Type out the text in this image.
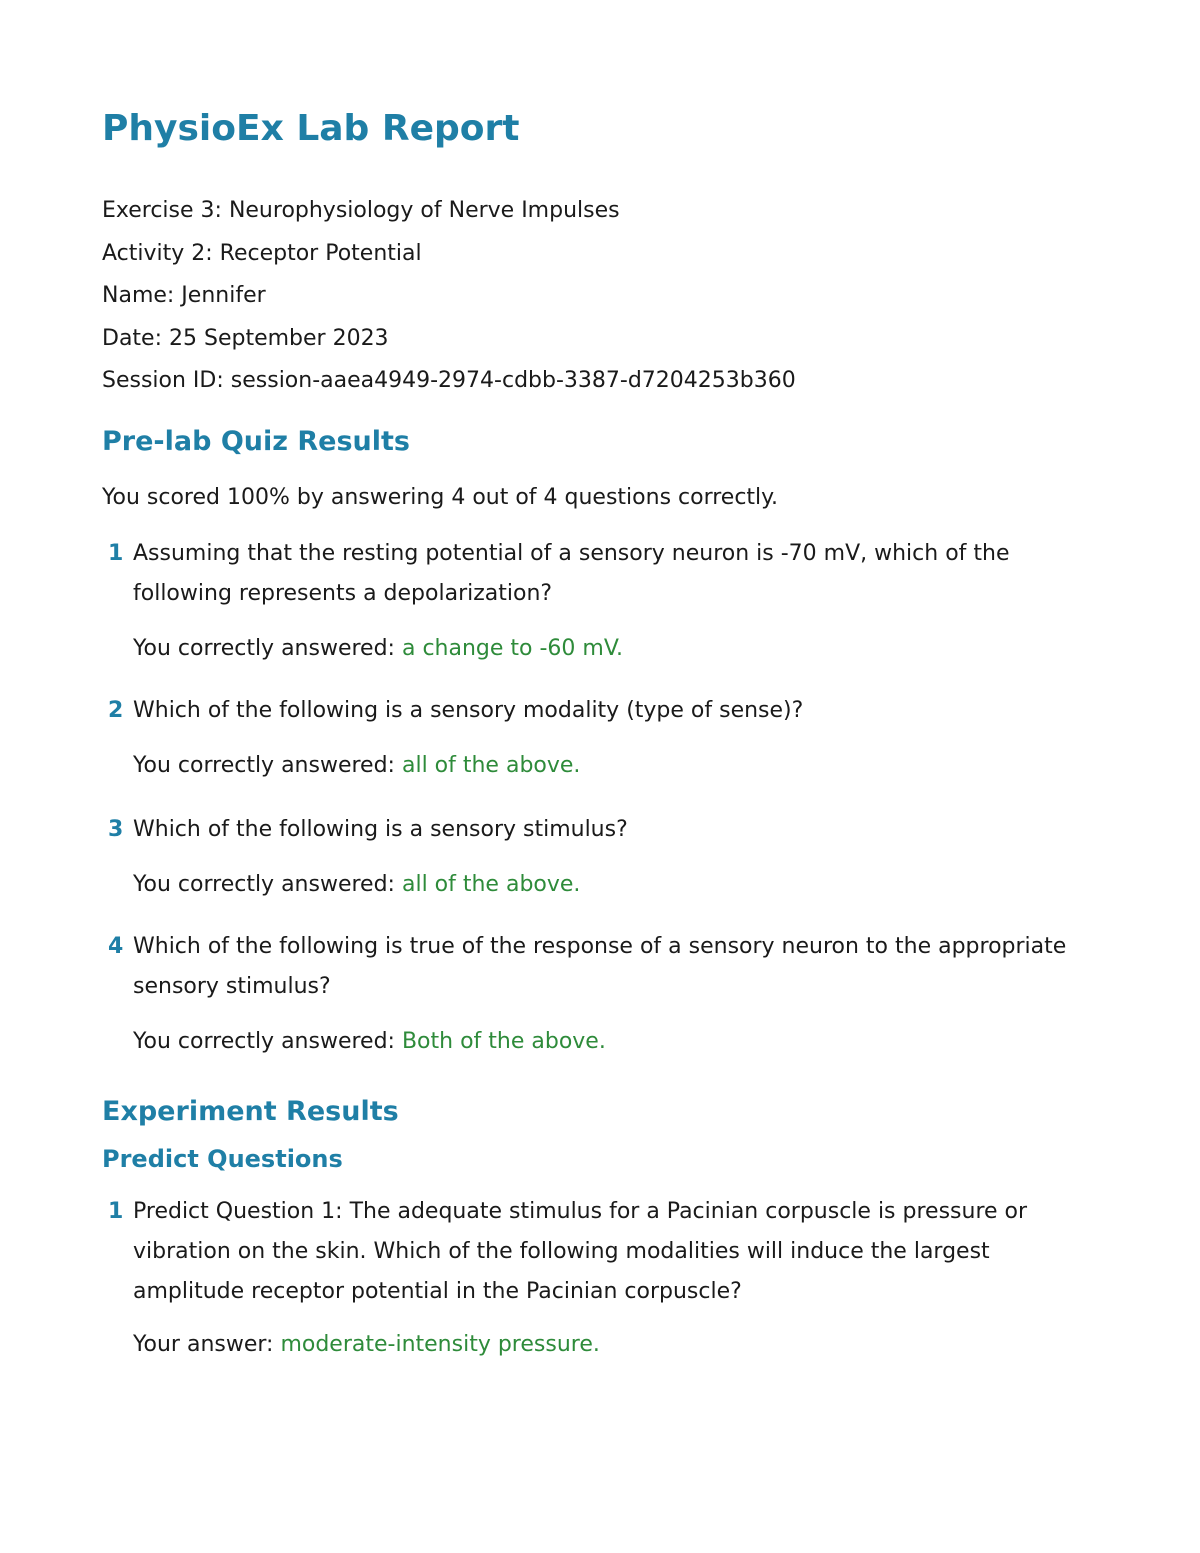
PhysioEx Lab Report
Exercise 3: Neurophysiology of Nerve Impulses
Activity 2: Receptor Potential
Name: Jennifer
Date: 25 September 2023
Session ID: session-aaea4949-2974-cdbb-3387-d7204253b360
Pre-lab Quiz Results

You scored 100% by answering 4 out of 4 questions correctly.

1 Assuming that the resting potential of a sensory neuron is -70 mV, which of the following represents a depolarization?
You correctly answered: a change to -60 mV.
2 Which of the following is a sensory modality (type of sense)?
You correctly answered: all of the above.
3 Which of the following is a sensory stimulus?
You correctly answered: all of the above.
4 Which of the following is true of the response of a sensory neuron to the appropriate sensory stimulus?
You correctly answered: Both of the above.
Experiment Results
Predict Questions
1 Predict Question 1: The adequate stimulus for a Pacinian corpuscle is pressure or vibration on the skin. Which of the following modalities will induce the largest amplitude receptor potential in the Pacinian corpuscle?
Your answer: moderate-intensity pressure.
